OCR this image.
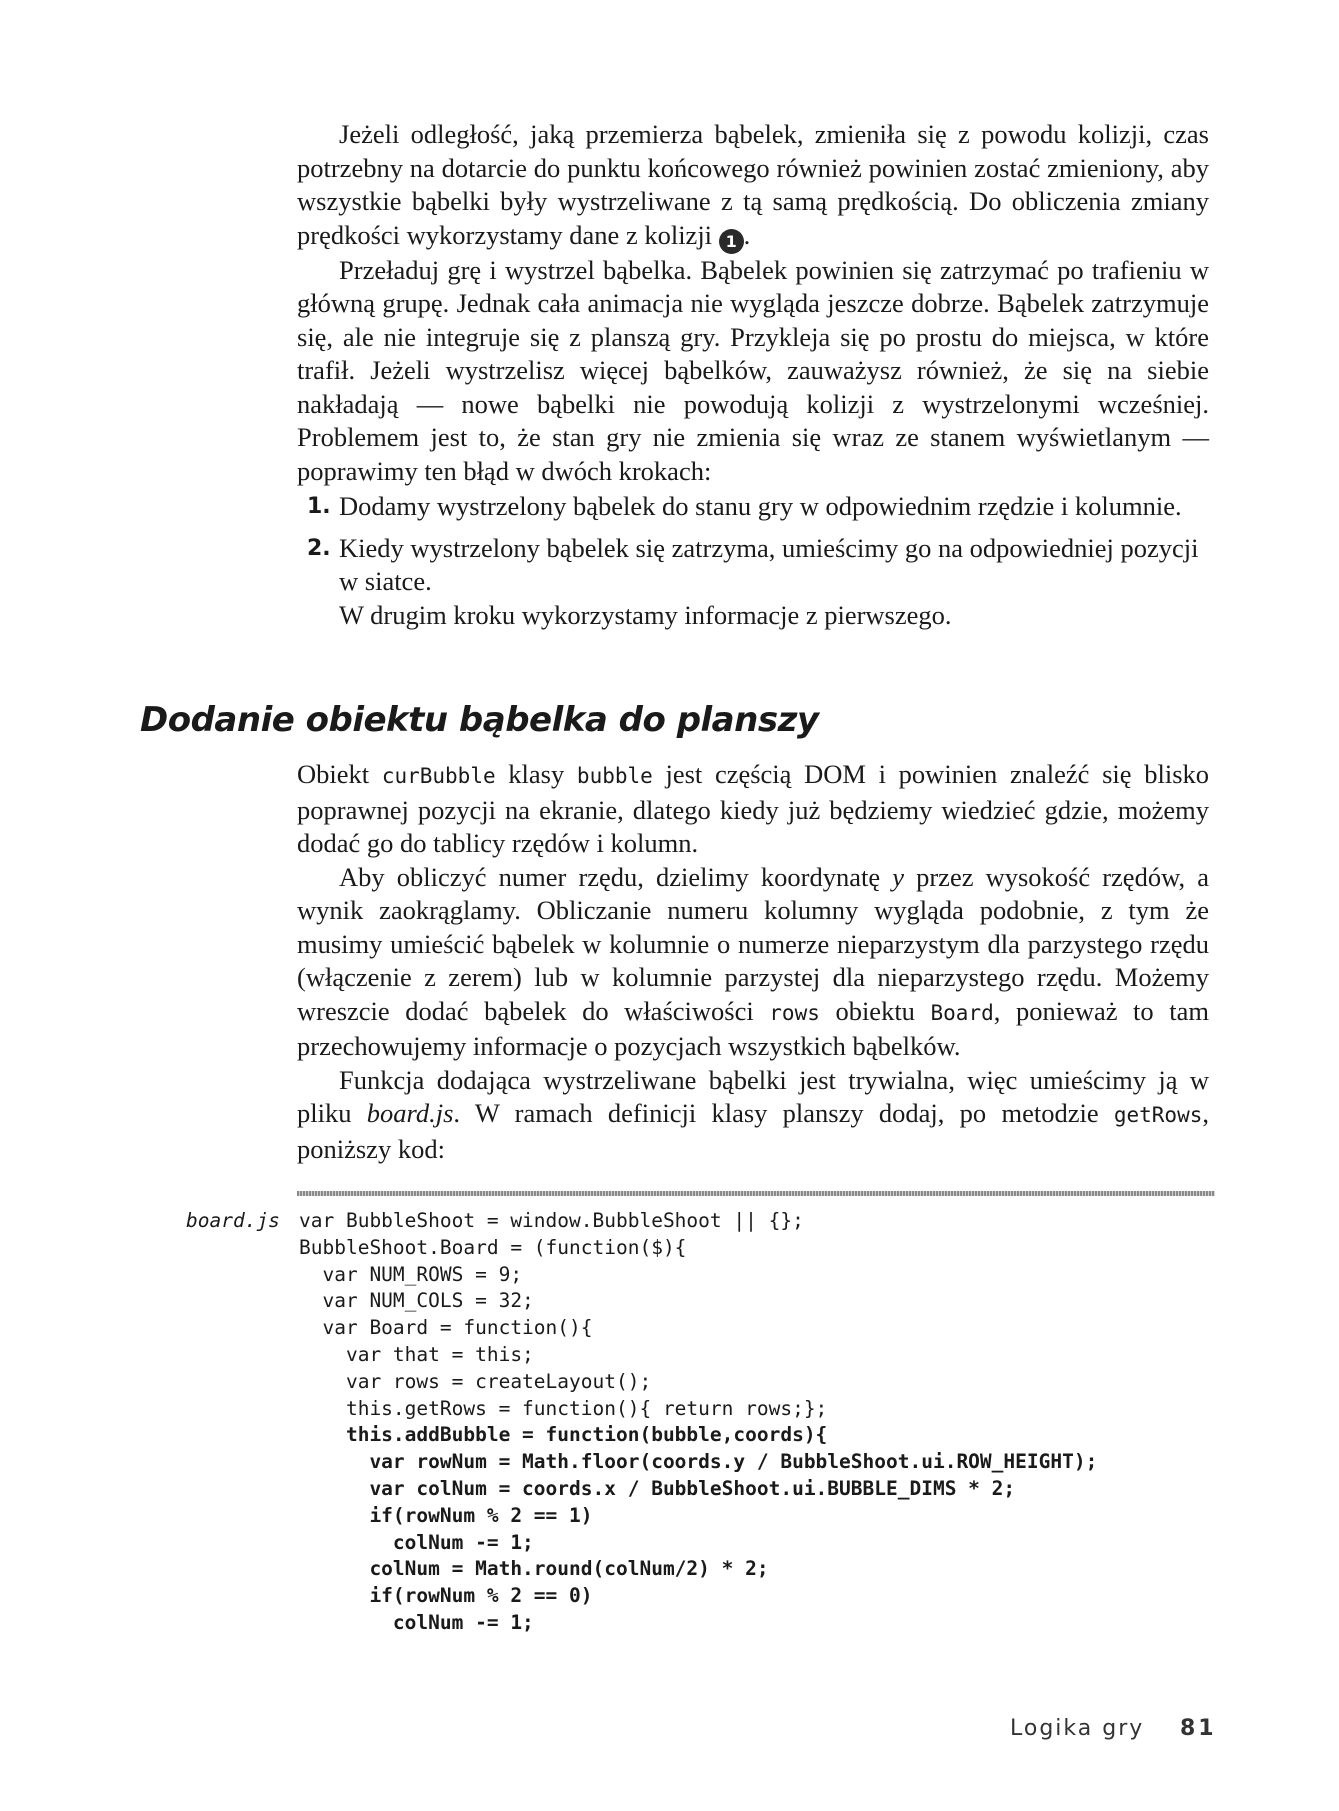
Jeżeli odległość, jaką przemierza bąbelek, zmieniła się z powodu kolizji, czas potrzebny na dotarcie do punktu końcowego również powinien zostać zmieniony, aby wszystkie bąbelki były wystrzeliwane z tą samą prędkością. Do obliczenia zmiany prędkości wykorzystamy dane z kolizji 1 .

Przeładuj grę i wystrzel bąbelka. Bąbelek powinien się zatrzymać po trafieniu w główną grupę. Jednak cała animacja nie wygląda jeszcze dobrze. Bąbelek zatrzymuje się, ale nie integruje się z planszą gry. Przykleja się po prostu do miejsca, w które trafił. Jeżeli wystrzelisz więcej bąbelków, zauważysz również, że się na siebie nakładają — nowe bąbelki nie powodują kolizji z wystrzelonymi wcześniej. Problemem jest to, że stan gry nie zmienia się wraz ze stanem wyświetlanym — poprawimy ten błąd w dwóch krokach:

1. Dodamy wystrzelony bąbelek do stanu gry w odpowiednim rzędzie i kolumnie.
2. Kiedy wystrzelony bąbelek się zatrzyma, umieścimy go na odpowiedniej pozycji w siatce.
W drugim kroku wykorzystamy informacje z pierwszego.
Dodanie obiektu bąbelka do planszy

Obiekt curBubble klasy bubble jest częścią DOM i powinien znaleźć się blisko poprawnej pozycji na ekranie, dlatego kiedy już będziemy wiedzieć gdzie, możemy dodać go do tablicy rzędów i kolumn.

Aby obliczyć numer rzędu, dzielimy koordynatę y przez wysokość rzędów, a wynik zaokrąglamy. Obliczanie numeru kolumny wygląda podobnie, z tym że musimy umieścić bąbelek w kolumnie o numerze nieparzystym dla parzystego rzędu (włączenie z zerem) lub w kolumnie parzystej dla nieparzystego rzędu. Możemy wreszcie dodać bąbelek do właściwości rows obiektu Board, ponieważ to tam przechowujemy informacje o pozycjach wszystkich bąbelków.

Funkcja dodająca wystrzeliwane bąbelki jest trywialna, więc umieścimy ją w pliku board.js. W ramach definicji klasy planszy dodaj, po metodzie getRows, poniższy kod:

board.js var BubbleShoot = window.BubbleShoot || {};
BubbleShoot.Board = (function($){
var NUM_ROWS = 9;
var NUM_COLS = 32;
var Board = function(){
var that = this;
var rows = createLayout();
this.getRows = function(){ return rows;};
this.addBubble = function(bubble,coords){
var rowNum = Math.floor(coords.y / BubbleShoot.ui.ROW_HEIGHT);
var colNum = coords.x / BubbleShoot.ui.BUBBLE_DIMS * 2;
if(rowNum % 2 == 1)
colNum -= 1;
colNum = Math.round(colNum/2) * 2;
if(rowNum % 2 == 0)
colNum -= 1;
Logika gry 81
